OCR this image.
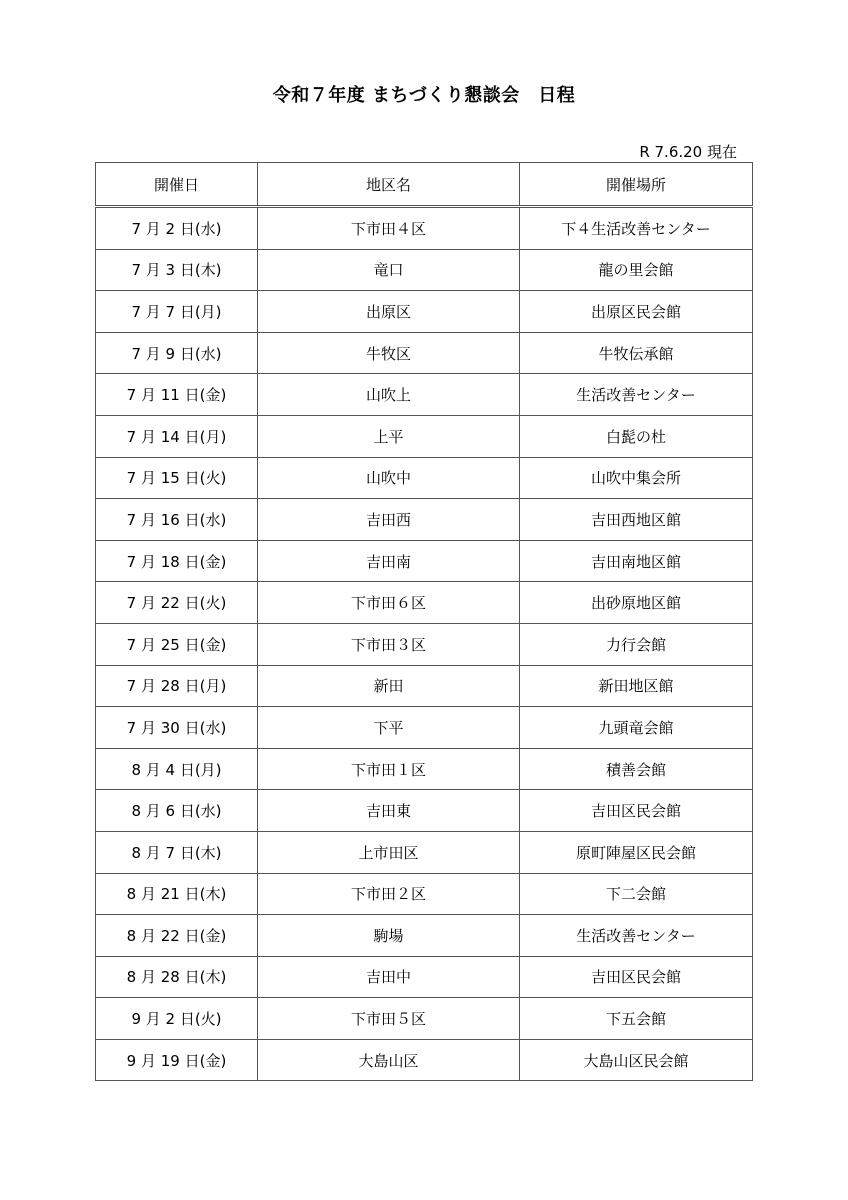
令和７年度 まちづくり懇談会　日程
R 7.6.20 現在
開催日	地区名	開催場所
7 月 2 日(水)	下市田４区	下４生活改善センター
7 月 3 日(木)	竜口	龍の里会館
7 月 7 日(月)	出原区	出原区民会館
7 月 9 日(水)	牛牧区	牛牧伝承館
7 月 11 日(金)	山吹上	生活改善センター
7 月 14 日(月)	上平	白髭の杜
7 月 15 日(火)	山吹中	山吹中集会所
7 月 16 日(水)	吉田西	吉田西地区館
7 月 18 日(金)	吉田南	吉田南地区館
7 月 22 日(火)	下市田６区	出砂原地区館
7 月 25 日(金)	下市田３区	力行会館
7 月 28 日(月)	新田	新田地区館
7 月 30 日(水)	下平	九頭竜会館
8 月 4 日(月)	下市田１区	積善会館
8 月 6 日(水)	吉田東	吉田区民会館
8 月 7 日(木)	上市田区	原町陣屋区民会館
8 月 21 日(木)	下市田２区	下二会館
8 月 22 日(金)	駒場	生活改善センター
8 月 28 日(木)	吉田中	吉田区民会館
9 月 2 日(火)	下市田５区	下五会館
9 月 19 日(金)	大島山区	大島山区民会館
